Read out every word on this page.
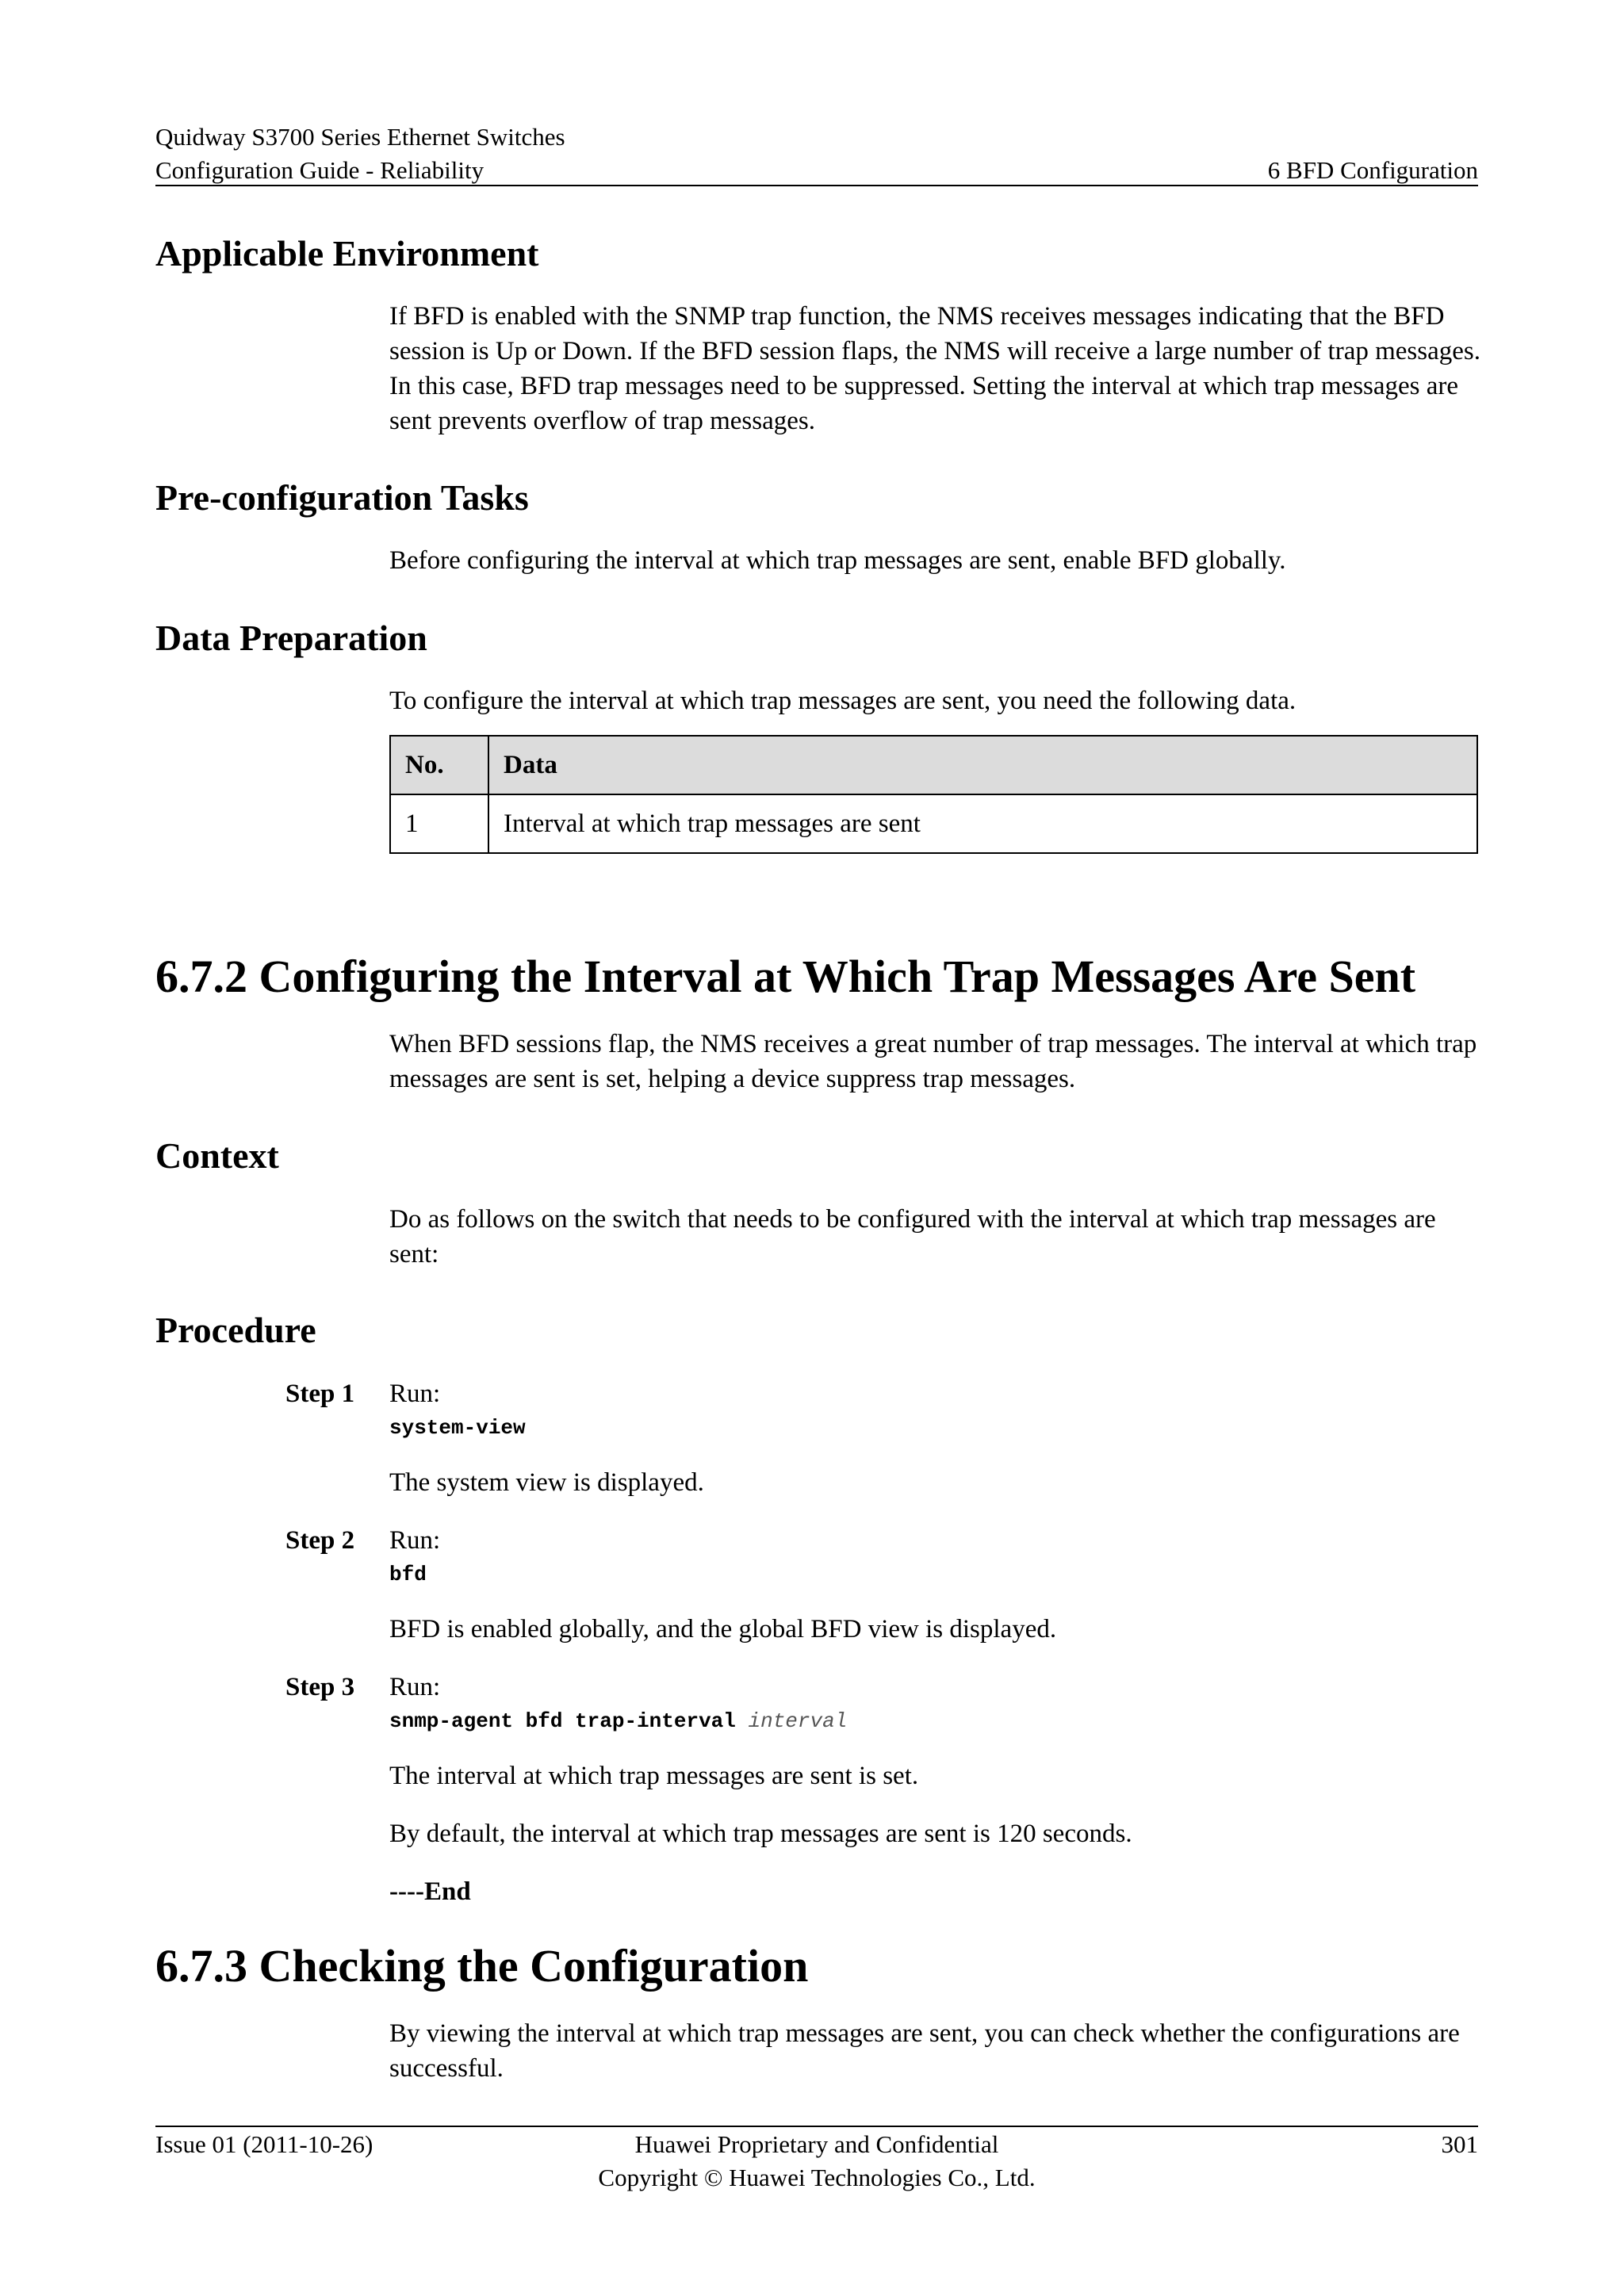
Quidway S3700 Series Ethernet Switches
Configuration Guide - Reliability	6 BFD Configuration
Applicable Environment
If BFD is enabled with the SNMP trap function, the NMS receives messages indicating that the BFD session is Up or Down. If the BFD session flaps, the NMS will receive a large number of trap messages. In this case, BFD trap messages need to be suppressed. Setting the interval at which trap messages are sent prevents overflow of trap messages.
Pre-configuration Tasks
Before configuring the interval at which trap messages are sent, enable BFD globally.
Data Preparation
To configure the interval at which trap messages are sent, you need the following data.
No.	Data
1	Interval at which trap messages are sent
6.7.2 Configuring the Interval at Which Trap Messages Are Sent
When BFD sessions flap, the NMS receives a great number of trap messages. The interval at which trap messages are sent is set, helping a device suppress trap messages.
Context
Do as follows on the switch that needs to be configured with the interval at which trap messages are sent:
Procedure
Step 1	Run:
system-view
The system view is displayed.
Step 2	Run:
bfd
BFD is enabled globally, and the global BFD view is displayed.
Step 3	Run:
snmp-agent bfd trap-interval interval
The interval at which trap messages are sent is set.
By default, the interval at which trap messages are sent is 120 seconds.
----End
6.7.3 Checking the Configuration
By viewing the interval at which trap messages are sent, you can check whether the configurations are successful.
Issue 01 (2011-10-26)	Huawei Proprietary and Confidential
Copyright © Huawei Technologies Co., Ltd.
301
